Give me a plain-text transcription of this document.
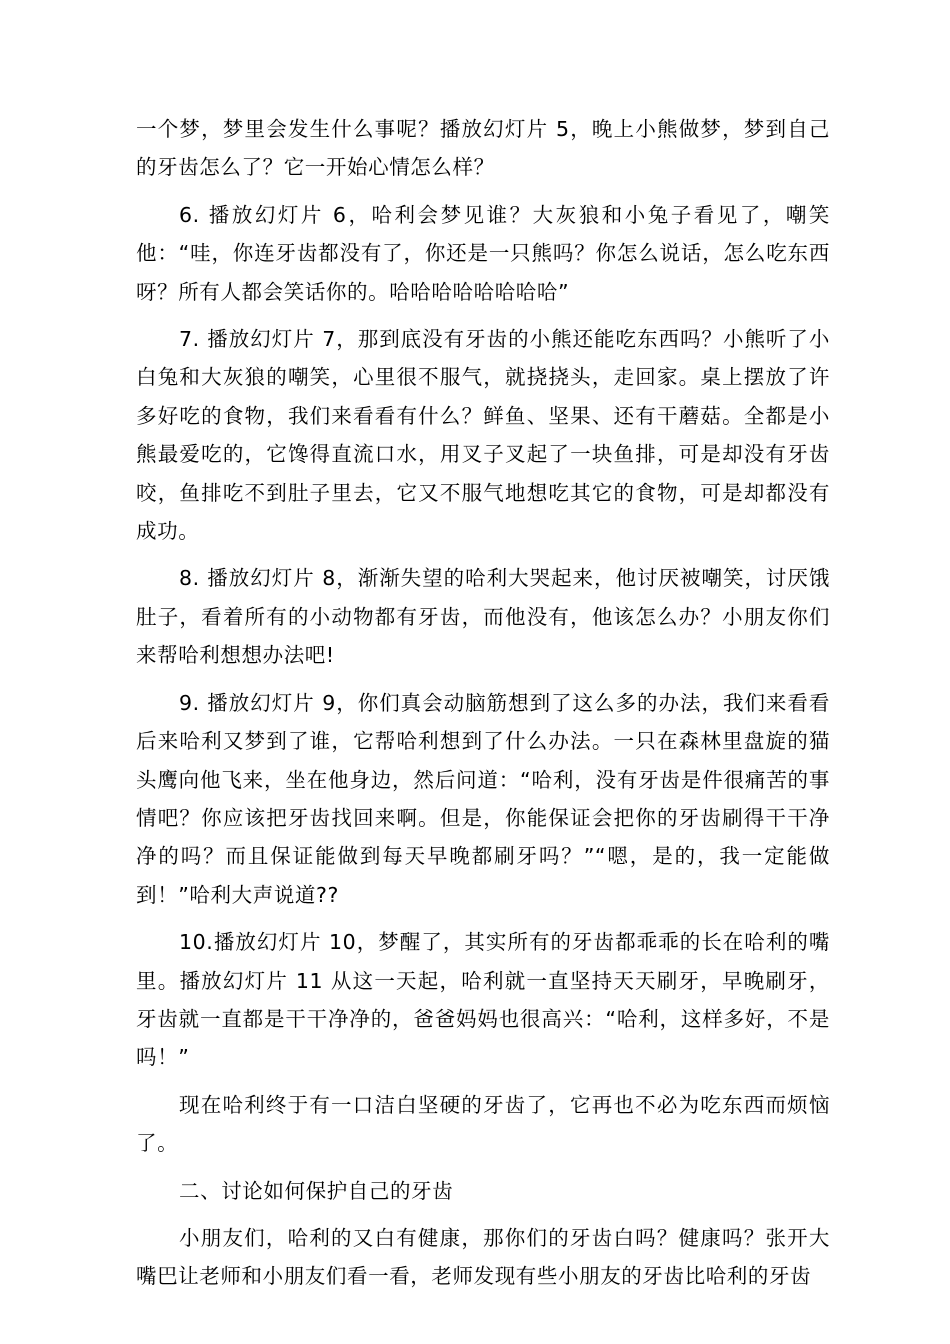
一个梦，梦里会发生什么事呢？播放幻灯片 5，晚上小熊做梦，梦到自己的牙齿怎么了？它一开始心情怎么样？

6. 播放幻灯片 6，哈利会梦见谁？大灰狼和小兔子看见了，嘲笑他：“哇，你连牙齿都没有了，你还是一只熊吗？你怎么说话，怎么吃东西呀？所有人都会笑话你的。哈哈哈哈哈哈哈哈”

7. 播放幻灯片 7，那到底没有牙齿的小熊还能吃东西吗？小熊听了小白兔和大灰狼的嘲笑，心里很不服气，就挠挠头，走回家。桌上摆放了许多好吃的食物，我们来看看有什么？鲜鱼、坚果、还有干蘑菇。全都是小熊最爱吃的，它馋得直流口水，用叉子叉起了一块鱼排，可是却没有牙齿咬，鱼排吃不到肚子里去，它又不服气地想吃其它的食物，可是却都没有成功。

8. 播放幻灯片 8，渐渐失望的哈利大哭起来，他讨厌被嘲笑，讨厌饿肚子，看着所有的小动物都有牙齿，而他没有，他该怎么办？小朋友你们来帮哈利想想办法吧!

9. 播放幻灯片 9，你们真会动脑筋想到了这么多的办法，我们来看看后来哈利又梦到了谁，它帮哈利想到了什么办法。一只在森林里盘旋的猫头鹰向他飞来，坐在他身边，然后问道：“哈利，没有牙齿是件很痛苦的事情吧？你应该把牙齿找回来啊。但是，你能保证会把你的牙齿刷得干干净净的吗？而且保证能做到每天早晚都刷牙吗？”“嗯，是的，我一定能做到！”哈利大声说道??

10.播放幻灯片 10，梦醒了，其实所有的牙齿都乖乖的长在哈利的嘴里。播放幻灯片 11 从这一天起，哈利就一直坚持天天刷牙，早晚刷牙，牙齿就一直都是干干净净的，爸爸妈妈也很高兴：“哈利，这样多好，不是吗！”

现在哈利终于有一口洁白坚硬的牙齿了，它再也不必为吃东西而烦恼了。

二、讨论如何保护自己的牙齿

小朋友们，哈利的又白有健康，那你们的牙齿白吗？健康吗？张开大嘴巴让老师和小朋友们看一看，老师发现有些小朋友的牙齿比哈利的牙齿
